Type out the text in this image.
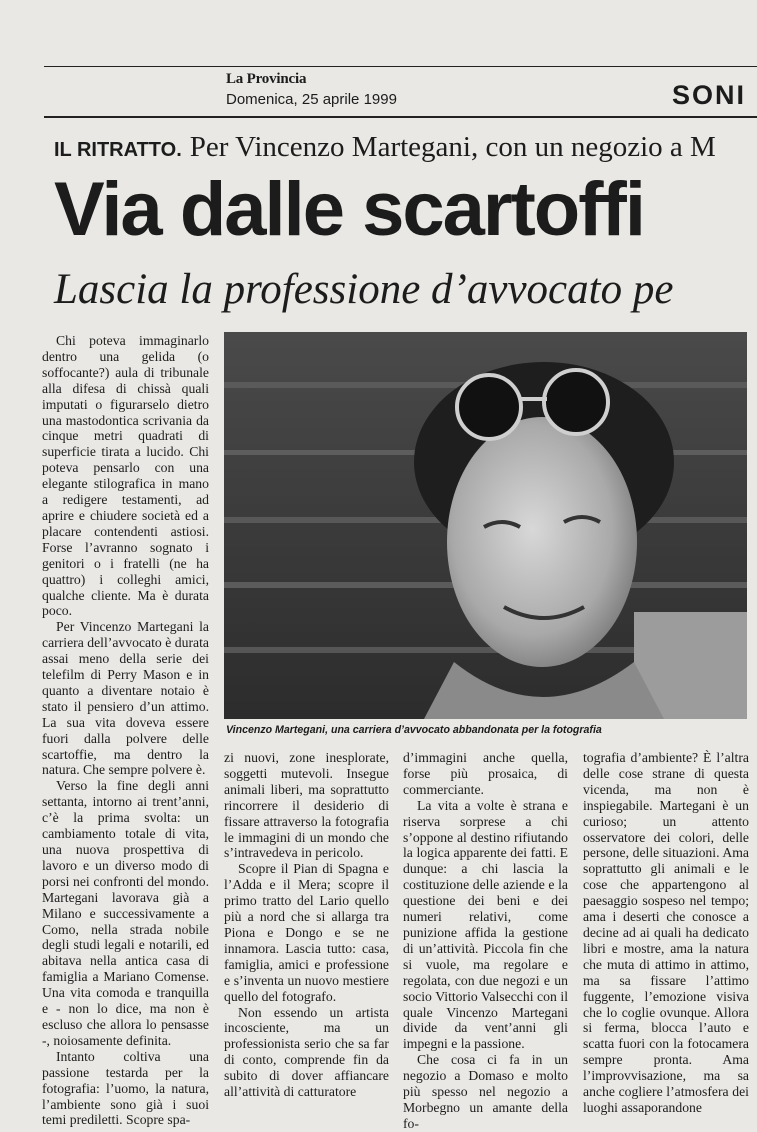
La Provincia
Domenica, 25 aprile 1999	SONI
IL RITRATTO. Per Vincenzo Martegani, con un negozio a M
Via dalle scartoffi
Lascia la professione d’avvocato pe

Chi poteva immaginarlo dentro una gelida (o soffocante?) aula di tribunale alla difesa di chissà quali imputati o figurarselo dietro una mastodontica scrivania da cinque metri quadrati di superficie tirata a lucido. Chi poteva pensarlo con una elegante stilografica in mano a redigere testamenti, ad aprire e chiudere società ed a placare contendenti astiosi. Forse l’avranno sognato i genitori o i fratelli (ne ha quattro) i colleghi amici, qualche cliente. Ma è durata poco.

Per Vincenzo Martegani la carriera dell’avvocato è durata assai meno della serie dei telefilm di Perry Mason e in quanto a diventare notaio è stato il pensiero d’un attimo. La sua vita doveva essere fuori dalla polvere delle scartoffie, ma dentro la natura. Che sempre polvere è.

Verso la fine degli anni settanta, intorno ai trent’anni, c’è la prima svolta: un cambiamento totale di vita, una nuova prospettiva di lavoro e un diverso modo di porsi nei confronti del mondo. Martegani lavorava già a Milano e successivamente a Como, nella strada nobile degli studi legali e notarili, ed abitava nella antica casa di famiglia a Mariano Comense. Una vita comoda e tranquilla e - non lo dice, ma non è escluso che allora lo pensasse -, noiosamente definita.

Intanto coltiva una passione testarda per la fotografia: l’uomo, la natura, l’ambiente sono già i suoi temi prediletti. Scopre spa-

Vincenzo Martegani, una carriera d’avvocato abbandonata per la fotografia

zi nuovi, zone inesplorate, soggetti mutevoli. Insegue animali liberi, ma soprattutto rincorrere il desiderio di fissare attraverso la fotografia le immagini di un mondo che s’intravedeva in pericolo.

Scopre il Pian di Spagna e l’Adda e il Mera; scopre il primo tratto del Lario quello più a nord che si allarga tra Piona e Dongo e se ne innamora. Lascia tutto: casa, famiglia, amici e professione e s’inventa un nuovo mestiere quello del fotografo.

Non essendo un artista incosciente, ma un professionista serio che sa far di conto, comprende fin da subito di dover affiancare all’attività di catturatore

d’immagini anche quella, forse più prosaica, di commerciante.

La vita a volte è strana e riserva sorprese a chi s’oppone al destino rifiutando la logica apparente dei fatti. E dunque: a chi lascia la costituzione delle aziende e la questione dei beni e dei numeri relativi, come punizione affida la gestione di un’attività. Piccola fin che si vuole, ma regolare e regolata, con due negozi e un socio Vittorio Valsecchi con il quale Vincenzo Martegani divide da vent’anni gli impegni e la passione.

Che cosa ci fa in un negozio a Domaso e molto più spesso nel negozio a Morbegno un amante della fo-

tografia d’ambiente? È l’altra delle cose strane di questa vicenda, ma non è inspiegabile. Martegani è un curioso; un attento osservatore dei colori, delle persone, delle situazioni. Ama soprattutto gli animali e le cose che appartengono al paesaggio sospeso nel tempo; ama i deserti che conosce a decine ad ai quali ha dedicato libri e mostre, ama la natura che muta di attimo in attimo, ma sa fissare l’attimo fuggente, l’emozione visiva che lo coglie ovunque. Allora si ferma, blocca l’auto e scatta fuori con la fotocamera sempre pronta. Ama l’improvvisazione, ma sa anche cogliere l’atmosfera dei luoghi assaporandone
